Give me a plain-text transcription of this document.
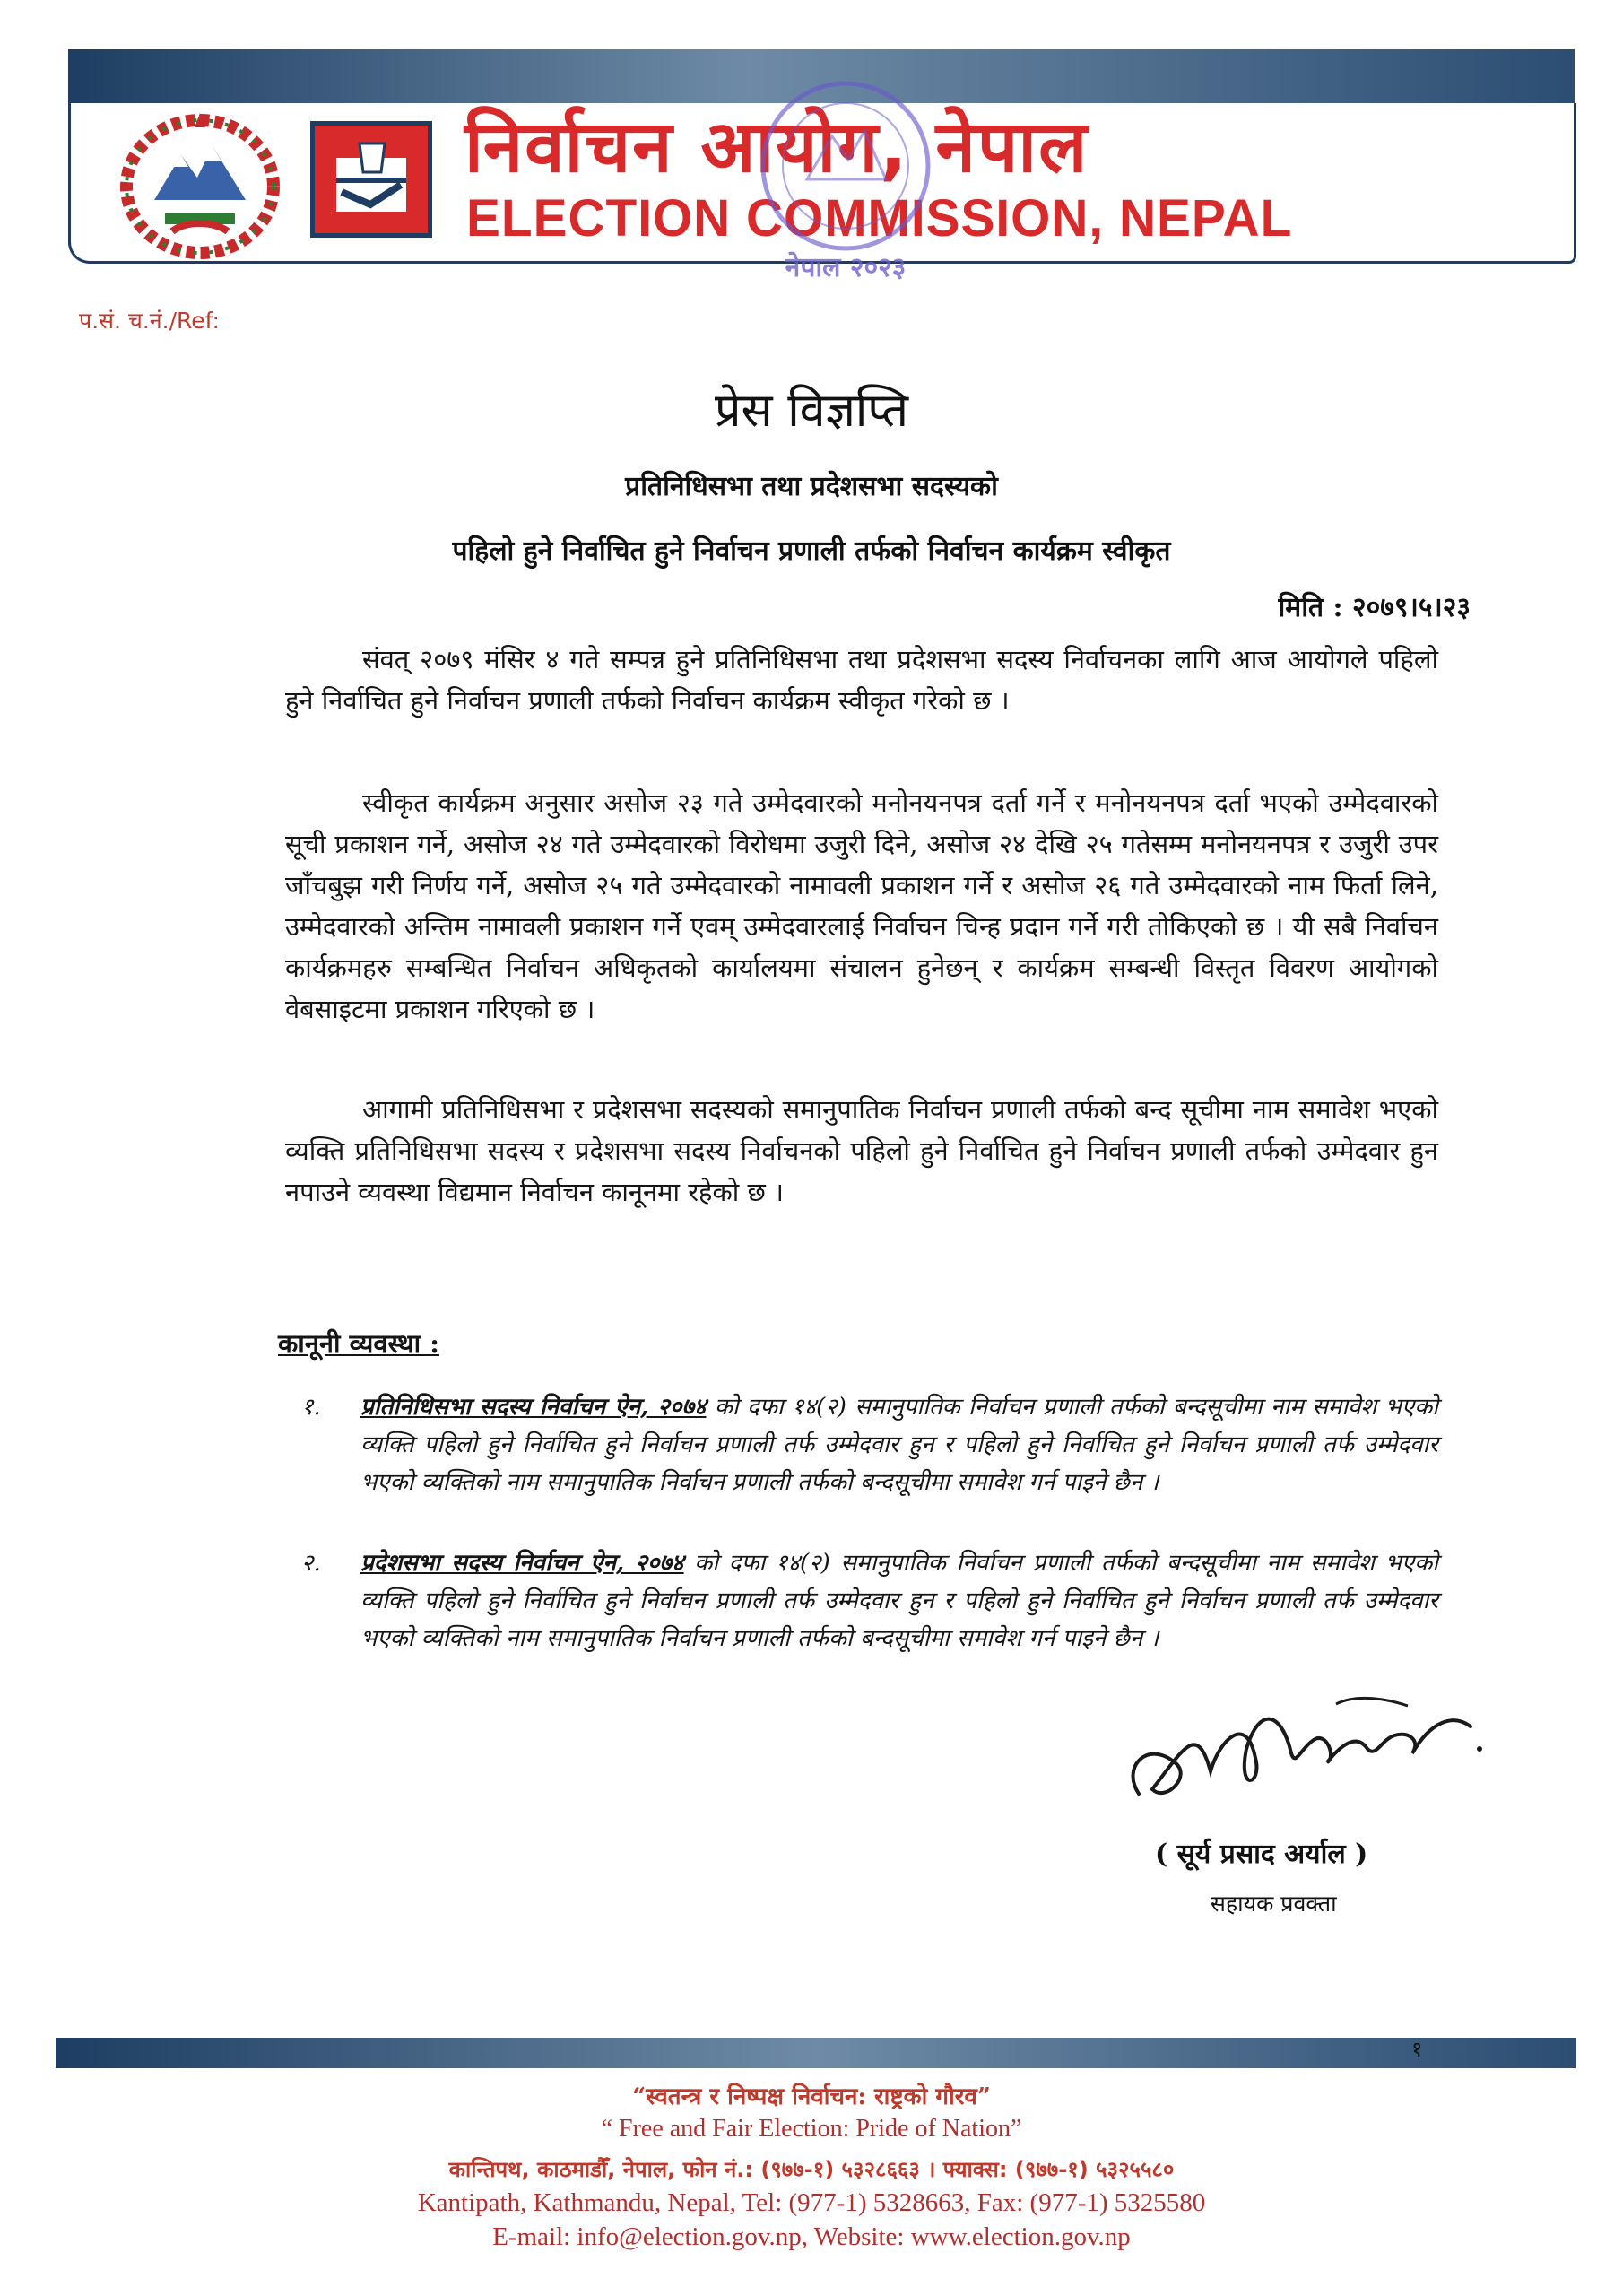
निर्वाचन आयोग, नेपाल
ELECTION COMMISSION, NEPAL
नेपाल २०२३
प.सं. च.नं./Ref:
प्रेस विज्ञप्ति
प्रतिनिधिसभा तथा प्रदेशसभा सदस्यको
पहिलो हुने निर्वाचित हुने निर्वाचन प्रणाली तर्फको निर्वाचन कार्यक्रम स्वीकृत
मिति : २०७९।५।२३

संवत् २०७९ मंसिर ४ गते सम्पन्न हुने प्रतिनिधिसभा तथा प्रदेशसभा सदस्य निर्वाचनका लागि आज आयोगले पहिलो हुने निर्वाचित हुने निर्वाचन प्रणाली तर्फको निर्वाचन कार्यक्रम स्वीकृत गरेको छ ।

स्वीकृत कार्यक्रम अनुसार असोज २३ गते उम्मेदवारको मनोनयनपत्र दर्ता गर्ने र मनोनयनपत्र दर्ता भएको उम्मेदवारको सूची प्रकाशन गर्ने, असोज २४ गते उम्मेदवारको विरोधमा उजुरी दिने, असोज २४ देखि २५ गतेसम्म मनोनयनपत्र र उजुरी उपर जाँचबुझ गरी निर्णय गर्ने, असोज २५ गते उम्मेदवारको नामावली प्रकाशन गर्ने र असोज २६ गते उम्मेदवारको नाम फिर्ता लिने, उम्मेदवारको अन्तिम नामावली प्रकाशन गर्ने एवम् उम्मेदवारलाई निर्वाचन चिन्ह प्रदान गर्ने गरी तोकिएको छ । यी सबै निर्वाचन कार्यक्रमहरु सम्बन्धित निर्वाचन अधिकृतको कार्यालयमा संचालन हुनेछन् र कार्यक्रम सम्बन्धी विस्तृत विवरण आयोगको वेबसाइटमा प्रकाशन गरिएको छ ।

आगामी प्रतिनिधिसभा र प्रदेशसभा सदस्यको समानुपातिक निर्वाचन प्रणाली तर्फको बन्द सूचीमा नाम समावेश भएको व्यक्ति प्रतिनिधिसभा सदस्य र प्रदेशसभा सदस्य निर्वाचनको पहिलो हुने निर्वाचित हुने निर्वाचन प्रणाली तर्फको उम्मेदवार हुन नपाउने व्यवस्था विद्यमान निर्वाचन कानूनमा रहेको छ ।

कानूनी व्यवस्था :
१.	प्रतिनिधिसभा सदस्य निर्वाचन ऐन, २०७४ को दफा १४(२) समानुपातिक निर्वाचन प्रणाली तर्फको बन्दसूचीमा नाम समावेश भएको व्यक्ति पहिलो हुने निर्वाचित हुने निर्वाचन प्रणाली तर्फ उम्मेदवार हुन र पहिलो हुने निर्वाचित हुने निर्वाचन प्रणाली तर्फ उम्मेदवार भएको व्यक्तिको नाम समानुपातिक निर्वाचन प्रणाली तर्फको बन्दसूचीमा समावेश गर्न पाइने छैन ।
२.	प्रदेशसभा सदस्य निर्वाचन ऐन, २०७४ को दफा १४(२) समानुपातिक निर्वाचन प्रणाली तर्फको बन्दसूचीमा नाम समावेश भएको व्यक्ति पहिलो हुने निर्वाचित हुने निर्वाचन प्रणाली तर्फ उम्मेदवार हुन र पहिलो हुने निर्वाचित हुने निर्वाचन प्रणाली तर्फ उम्मेदवार भएको व्यक्तिको नाम समानुपातिक निर्वाचन प्रणाली तर्फको बन्दसूचीमा समावेश गर्न पाइने छैन ।
( सूर्य प्रसाद अर्याल )
सहायक प्रवक्ता
१
“स्वतन्त्र र निष्पक्ष निर्वाचन: राष्ट्रको गौरव”
“ Free and Fair Election: Pride of Nation”
कान्तिपथ, काठमाडौँ, नेपाल, फोन नं.: (९७७-१) ५३२८६६३ । फ्याक्स: (९७७-१) ५३२५५८०
Kantipath, Kathmandu, Nepal, Tel: (977-1) 5328663, Fax: (977-1) 5325580
E-mail: info@election.gov.np, Website: www.election.gov.np
